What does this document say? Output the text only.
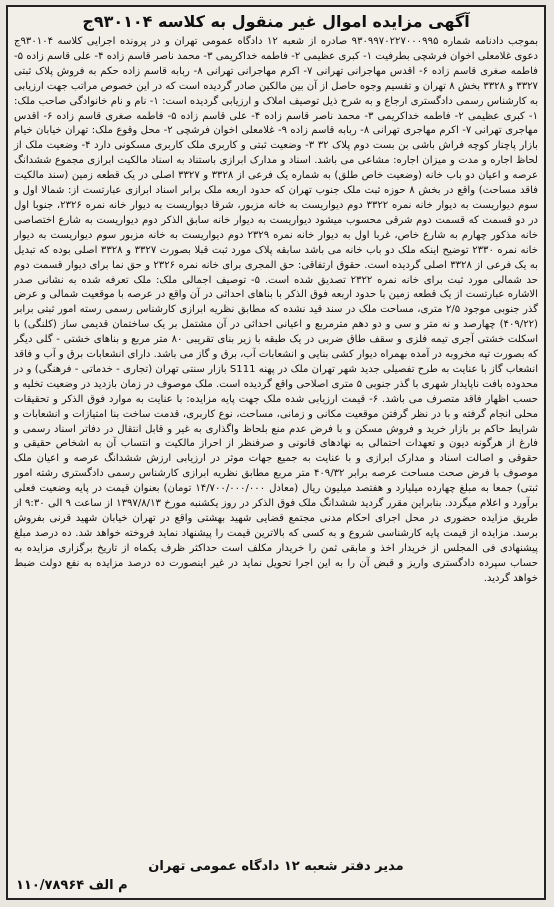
آگهی مزایده اموال غیر منقول به کلاسه ۹۳۰۱۰۴ج

بموجب دادنامه شماره ۹۳۰۹۹۷۰۲۲۷۰۰۰۹۹۵ صادره از شعبه ۱۲ دادگاه عمومی تهران و در پرونده اجرایی کلاسه ۹۳۰۱۰۴ج دعوی غلامعلی اخوان فرشچی بطرفیت ۱- کبری عظیمی ۲- فاطمه خداکریمی ۳- محمد ناصر قاسم زاده ۴- علی قاسم زاده ۵- فاطمه صغری قاسم زاده ۶- اقدس مهاجرانی تهرانی ۷- اکرم مهاجرانی تهرانی ۸- ربابه قاسم زاده حکم به فروش پلاک ثبتی ۳۳۲۷ و ۳۳۲۸ بخش ۸ تهران و تقسیم وجوه حاصل از آن بین مالکین صادر گردیده است که در این خصوص مراتب جهت ارزیابی به کارشناس رسمی دادگستری ارجاع و به شرح ذیل توصیف املاک و ارزیابی گردیده است: ۱- نام و نام خانوادگی صاحب ملک: ۱- کبری عظیمی ۲- فاطمه خداکریمی ۳- محمد ناصر قاسم زاده ۴- علی قاسم زاده ۵- فاطمه صغری قاسم زاده ۶- اقدس مهاجری تهرانی ۷- اکرم مهاجری تهرانی ۸- ربابه قاسم زاده ۹- غلامعلی اخوان فرشچی ۲- محل وقوع ملک: تهران خیابان خیام بازار پاچنار کوچه فراش باشی بن بست دوم پلاک ۳۲ ۳- وضعیت ثبتی و کاربری ملک کاربری مسکونی دارد ۴- وضعیت ملک از لحاظ اجاره و مدت و میزان اجاره: مشاعی می باشد. اسناد و مدارک ابرازی باستناد به اسناد مالکیت ابرازی مجموع ششدانگ عرصه و اعیان دو باب خانه (وضعیت خاص طلق) به شماره یک فرعی از ۳۳۲۸ و ۳۳۲۷ اصلی در یک قطعه زمین (سند مالکیت فاقد مساحت) واقع در بخش ۸ حوزه ثبت ملک جنوب تهران که حدود اربعه ملک برابر اسناد ابرازی عبارتست از: شمالا اول و سوم دیواریست به دیوار خانه نمره ۳۳۲۲ دوم دیواریست به خانه مزبور، شرقا دیواریست به دیوار خانه نمره ۲۳۲۶، جنوبا اول در دو قسمت که قسمت دوم شرقی محسوب میشود دیواریست به دیوار خانه سابق الذکر دوم دیواریست به شارع اختصاصی خانه مذکور چهارم به شارع خاص، غربا اول به دیوار خانه نمره ۲۳۲۹ دوم دیواریست به خانه مزبور سوم دیواریست به دیوار خانه نمره ۲۳۳۰ توضیح اینکه ملک دو باب خانه می باشد سابقه پلاک مورد ثبت قبلا بصورت ۳۳۲۷ و ۳۳۲۸ اصلی بوده که تبدیل به یک فرعی از ۳۳۲۸ اصلی گردیده است. حقوق ارتفاقی: حق المجری برای خانه نمره ۲۳۲۶ و حق نما برای دیوار قسمت دوم حد شمالی مورد ثبت برای خانه نمره ۲۳۲۲ تصدیق شده است. ۵- توصیف اجمالی ملک: ملک تعرفه شده به نشانی صدر الاشاره عبارتست از یک قطعه زمین با حدود اربعه فوق الذکر با بناهای احداثی در آن واقع در عرصه با موقعیت شمالی و عرض گذر جنوبی موجود ۲/۵ متری، مساحت ملک در سند قید نشده که مطابق نظریه ابرازی کارشناس رسمی رسته امور ثبتی برابر (۴۰۹/۲۲) چهارصد و نه متر و سی و دو دهم مترمربع و اعیانی احداثی در آن مشتمل بر یک ساختمان قدیمی ساز (کلنگی) با اسکلت خشتی آجری تیمه فلزی و سقف طاق ضربی در یک طبقه با زیر بنای تقریبی ۸۰ متر مربع و بناهای خشتی - گلی دیگر که بصورت تپه مخروبه در آمده بهمراه دیوار کشی بنایی و انشعابات آب، برق و گاز می باشد. دارای انشعابات برق و آب و فاقد انشعاب گاز با عنایت به طرح تفصیلی جدید شهر تهران ملک در پهنه S111 بازار سنتی تهران (تجاری - خدماتی - فرهنگی) و در محدوده بافت ناپایدار شهری با گذر جنوبی ۵ متری اصلاحی واقع گردیده است. ملک موصوف در زمان بازدید در وضعیت تخلیه و حسب اظهار فاقد متصرف می باشد. ۶- قیمت ارزیابی شده ملک جهت پایه مزایده: با عنایت به موارد فوق الذکر و تحقیقات محلی انجام گرفته و با در نظر گرفتن موقعیت مکانی و زمانی، مساحت، نوع کاربری، قدمت ساخت بنا امتیازات و انشعابات و شرایط حاکم بر بازار خرید و فروش مسکن و با فرض عدم منع بلحاظ واگذاری به غیر و قابل انتقال در دفاتر اسناد رسمی و فارغ از هرگونه دیون و تعهدات احتمالی به نهادهای قانونی و صرفنظر از احراز مالکیت و انتساب آن به اشخاص حقیقی و حقوقی و اصالت اسناد و مدارک ابرازی و با عنایت به جمیع جهات موثر در ارزیابی ارزش ششدانگ عرصه و اعیان ملک موصوف با فرض صحت مساحت عرصه برابر ۴۰۹/۳۲ متر مربع مطابق نظریه ابرازی کارشناس رسمی دادگستری رشته امور ثبتی) جمعا به مبلغ چهارده میلیارد و هفتصد میلیون ریال (معادل ۱۴/۷۰۰/۰۰۰/۰۰۰ تومان) بعنوان قیمت در پایه وضعیت فعلی برآورد و اعلام میگردد. بنابراین مقرر گردید ششدانگ ملک فوق الذکر در روز یکشنبه مورخ ۱۳۹۷/۸/۱۳ از ساعت ۹ الی ۹:۳۰ از طریق مزایده حضوری در محل اجرای احکام مدنی مجتمع قضایی شهید بهشتی واقع در تهران خیابان شهید قرنی بفروش برسد. مزایده از قیمت پایه کارشناسی شروع و به کسی که بالاترین قیمت را پیشنهاد نماید فروخته خواهد شد. ده درصد مبلغ پیشنهادی فی المجلس از خریدار اخذ و مابقی ثمن را خریدار مکلف است حداکثر ظرف یکماه از تاریخ برگزاری مزایده به حساب سپرده دادگستری واریز و قبض آن را به این اجرا تحویل نماید در غیر اینصورت ده درصد مزایده به نفع دولت ضبط خواهد گردید.

مدیر دفتر شعبه ۱۲ دادگاه عمومی تهران
۱۱۰/۷۸۹۶۴ م الف
